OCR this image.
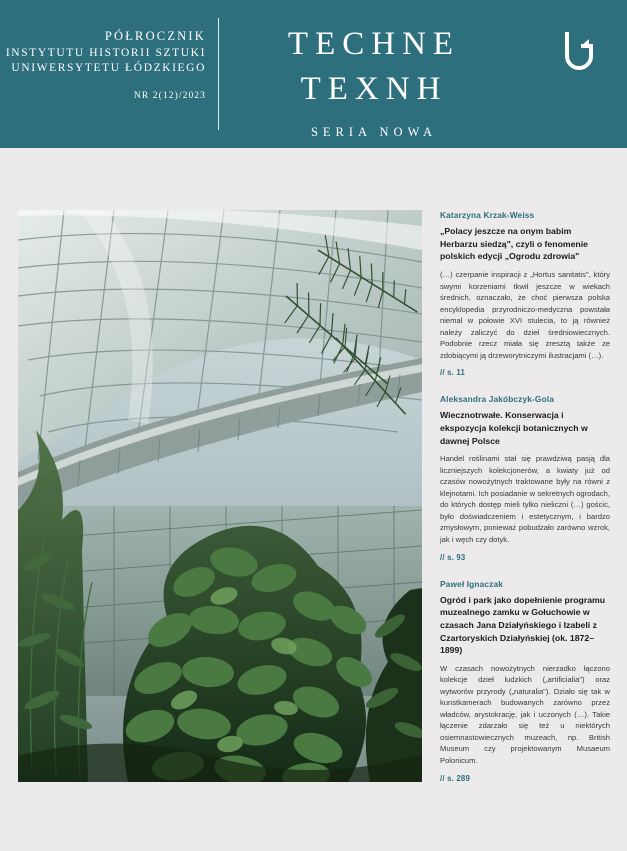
PÓŁROCZNIK
INSTYTUTU HISTORII SZTUKI
UNIWERSYTETU ŁÓDZKIEGO
NR 2(12)/2023
TECHNE
TEXNH
SERIA NOWA
Katarzyna Krzak-Weiss
„Polacy jeszcze na onym babim Herbarzu siedzą", czyli o fenomenie polskich edycji „Ogrodu zdrowia"
(…) czerpanie inspiracji z „Hortus sanitatis", który swymi korzeniami tkwił jeszcze w wiekach średnich, oznaczało, że choć pierwsza polska encyklopedia przyrodniczo-medyczna powstała niemal w połowie XVI stulecia, to ją również należy zaliczyć do dzieł średniowiecznych. Podobnie rzecz miała się zresztą także ze zdobiącymi ją drzeworytniczymi ilustracjami (…).
// s. 11
Aleksandra Jakóbczyk-Gola
Wiecznotrwałe. Konserwacja i ekspozycja kolekcji botanicznych w dawnej Polsce
Handel roślinami stał się prawdziwą pasją dla liczniejszych kolekcjonerów, a kwiaty już od czasów nowożytnych traktowane były na równi z klejnotami. Ich posiadanie w sekretnych ogrodach, do których dostęp mieli tylko nieliczni (…) gościc, było doświadczeniem i estetycznym, i bardzo zmysłowym, ponieważ pobudzało zarówno wzrok, jak i węch czy dotyk.
// s. 93
Paweł Ignaczak
Ogród i park jako dopełnienie programu muzealnego zamku w Gołuchowie w czasach Jana Działyńskiego i Izabeli z Czartoryskich Działyńskiej (ok. 1872–1899)
W czasach nowożytnych nierzadko łączono kolekcje dzieł ludzkich („artificialia") oraz wytworów przyrody („naturalia"). Działo się tak w kunstkamerach budowanych zarówno przez władców, arystokrację, jak i uczonych (…). Takie łączenie zdarzało się też u niektórych osiemnastowiecznych muzeach, np. British Museum czy projektowanym Musaeum Polonicum.
// s. 289
